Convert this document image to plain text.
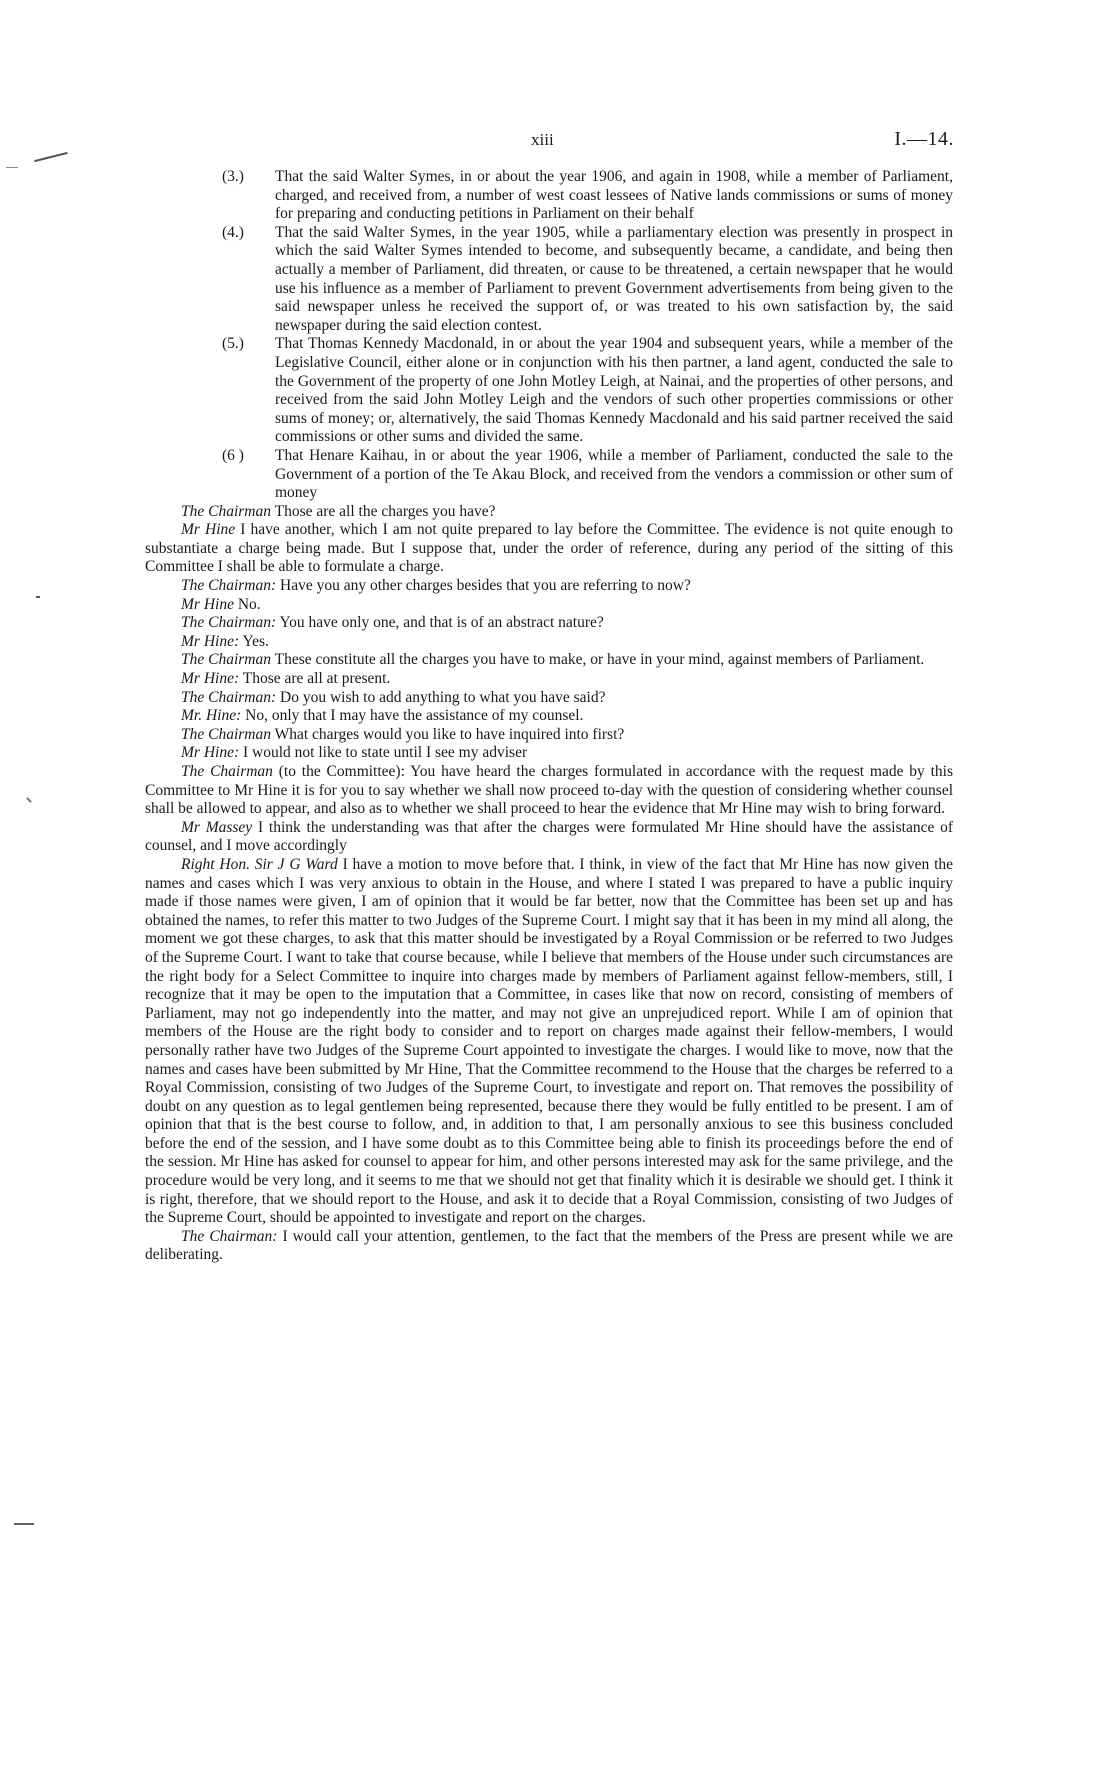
xiii	I.—14.
(3.)	That the said Walter Symes, in or about the year 1906, and again in 1908, while a member of Parliament, charged, and received from, a number of west coast lessees of Native lands commissions or sums of money for preparing and conducting petitions in Parliament on their behalf
(4.)	That the said Walter Symes, in the year 1905, while a parliamentary election was presently in prospect in which the said Walter Symes intended to become, and subsequently became, a candidate, and being then actually a member of Parliament, did threaten, or cause to be threatened, a certain newspaper that he would use his influence as a member of Parliament to prevent Government advertisements from being given to the said newspaper unless he received the support of, or was treated to his own satisfaction by, the said newspaper during the said election contest.
(5.)	That Thomas Kennedy Macdonald, in or about the year 1904 and subsequent years, while a member of the Legislative Council, either alone or in conjunction with his then partner, a land agent, conducted the sale to the Government of the property of one John Motley Leigh, at Nainai, and the properties of other persons, and received from the said John Motley Leigh and the vendors of such other properties commissions or other sums of money; or, alternatively, the said Thomas Kennedy Macdonald and his said partner received the said commissions or other sums and divided the same.
(6 )	That Henare Kaihau, in or about the year 1906, while a member of Parliament, conducted the sale to the Government of a portion of the Te Akau Block, and received from the vendors a commission or other sum of money

The Chairman Those are all the charges you have?

Mr Hine I have another, which I am not quite prepared to lay before the Committee. The evidence is not quite enough to substantiate a charge being made. But I suppose that, under the order of reference, during any period of the sitting of this Committee I shall be able to formulate a charge.

The Chairman: Have you any other charges besides that you are referring to now?

Mr Hine No.

The Chairman: You have only one, and that is of an abstract nature?

Mr Hine: Yes.

The Chairman These constitute all the charges you have to make, or have in your mind, against members of Parliament.

Mr Hine: Those are all at present.

The Chairman: Do you wish to add anything to what you have said?

Mr. Hine: No, only that I may have the assistance of my counsel.

The Chairman What charges would you like to have inquired into first?

Mr Hine: I would not like to state until I see my adviser

The Chairman (to the Committee): You have heard the charges formulated in accordance with the request made by this Committee to Mr Hine it is for you to say whether we shall now proceed to-day with the question of considering whether counsel shall be allowed to appear, and also as to whether we shall proceed to hear the evidence that Mr Hine may wish to bring forward.

Mr Massey I think the understanding was that after the charges were formulated Mr Hine should have the assistance of counsel, and I move accordingly

Right Hon. Sir J G Ward I have a motion to move before that. I think, in view of the fact that Mr Hine has now given the names and cases which I was very anxious to obtain in the House, and where I stated I was prepared to have a public inquiry made if those names were given, I am of opinion that it would be far better, now that the Committee has been set up and has obtained the names, to refer this matter to two Judges of the Supreme Court. I might say that it has been in my mind all along, the moment we got these charges, to ask that this matter should be investigated by a Royal Commission or be referred to two Judges of the Supreme Court. I want to take that course because, while I believe that members of the House under such circumstances are the right body for a Select Committee to inquire into charges made by members of Parliament against fellow-members, still, I recognize that it may be open to the imputation that a Committee, in cases like that now on record, consisting of members of Parliament, may not go independently into the matter, and may not give an unprejudiced report. While I am of opinion that members of the House are the right body to consider and to report on charges made against their fellow-members, I would personally rather have two Judges of the Supreme Court appointed to investigate the charges. I would like to move, now that the names and cases have been submitted by Mr Hine, That the Committee recommend to the House that the charges be referred to a Royal Commission, consisting of two Judges of the Supreme Court, to investigate and report on. That removes the possibility of doubt on any question as to legal gentlemen being represented, because there they would be fully entitled to be present. I am of opinion that that is the best course to follow, and, in addition to that, I am personally anxious to see this business concluded before the end of the session, and I have some doubt as to this Committee being able to finish its proceedings before the end of the session. Mr Hine has asked for counsel to appear for him, and other persons interested may ask for the same privilege, and the procedure would be very long, and it seems to me that we should not get that finality which it is desirable we should get. I think it is right, therefore, that we should report to the House, and ask it to decide that a Royal Commission, consisting of two Judges of the Supreme Court, should be appointed to investigate and report on the charges.

The Chairman: I would call your attention, gentlemen, to the fact that the members of the Press are present while we are deliberating.
